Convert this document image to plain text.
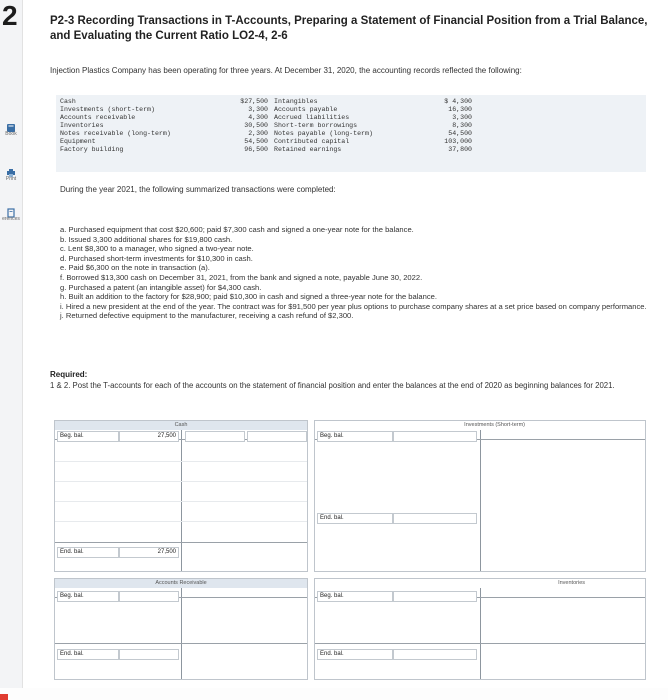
2
Book
Print
erences
P2-3 Recording Transactions in T-Accounts, Preparing a Statement of Financial Position from a Trial Balance, and Evaluating the Current Ratio LO2-4, 2-6
Injection Plastics Company has been operating for three years. At December 31, 2020, the accounting records reflected the following:
Cash
Investments (short-term)
Accounts receivable
Inventories
Notes receivable (long-term)
Equipment
Factory building
$27,500
3,300
4,300
30,500
2,300
54,500
96,500
Intangibles
Accounts payable
Accrued liabilities
Short-term borrowings
Notes payable (long-term)
Contributed capital
Retained earnings
$ 4,300
16,300
3,300
8,300
54,500
103,000
37,800
During the year 2021, the following summarized transactions were completed:
a. Purchased equipment that cost $20,600; paid $7,300 cash and signed a one-year note for the balance.
b. Issued 3,300 additional shares for $19,800 cash.
c. Lent $8,300 to a manager, who signed a two-year note.
d. Purchased short-term investments for $10,300 in cash.
e. Paid $6,300 on the note in transaction (a).
f. Borrowed $13,300 cash on December 31, 2021, from the bank and signed a note, payable June 30, 2022.
g. Purchased a patent (an intangible asset) for $4,300 cash.
h. Built an addition to the factory for $28,900; paid $10,300 in cash and signed a three-year note for the balance.
i. Hired a new president at the end of the year. The contract was for $91,500 per year plus options to purchase company shares at a set price based on company performance.
j. Returned defective equipment to the manufacturer, receiving a cash refund of $2,300.
Required:
1 & 2. Post the T-accounts for each of the accounts on the statement of financial position and enter the balances at the end of 2020 as beginning balances for 2021.
Cash
Beg. bal.	27,500
End. bal.	27,500
Investments (Short-term)
Beg. bal.
End. bal.
Accounts Receivable
Beg. bal.
End. bal.
Inventories
Beg. bal.
End. bal.
